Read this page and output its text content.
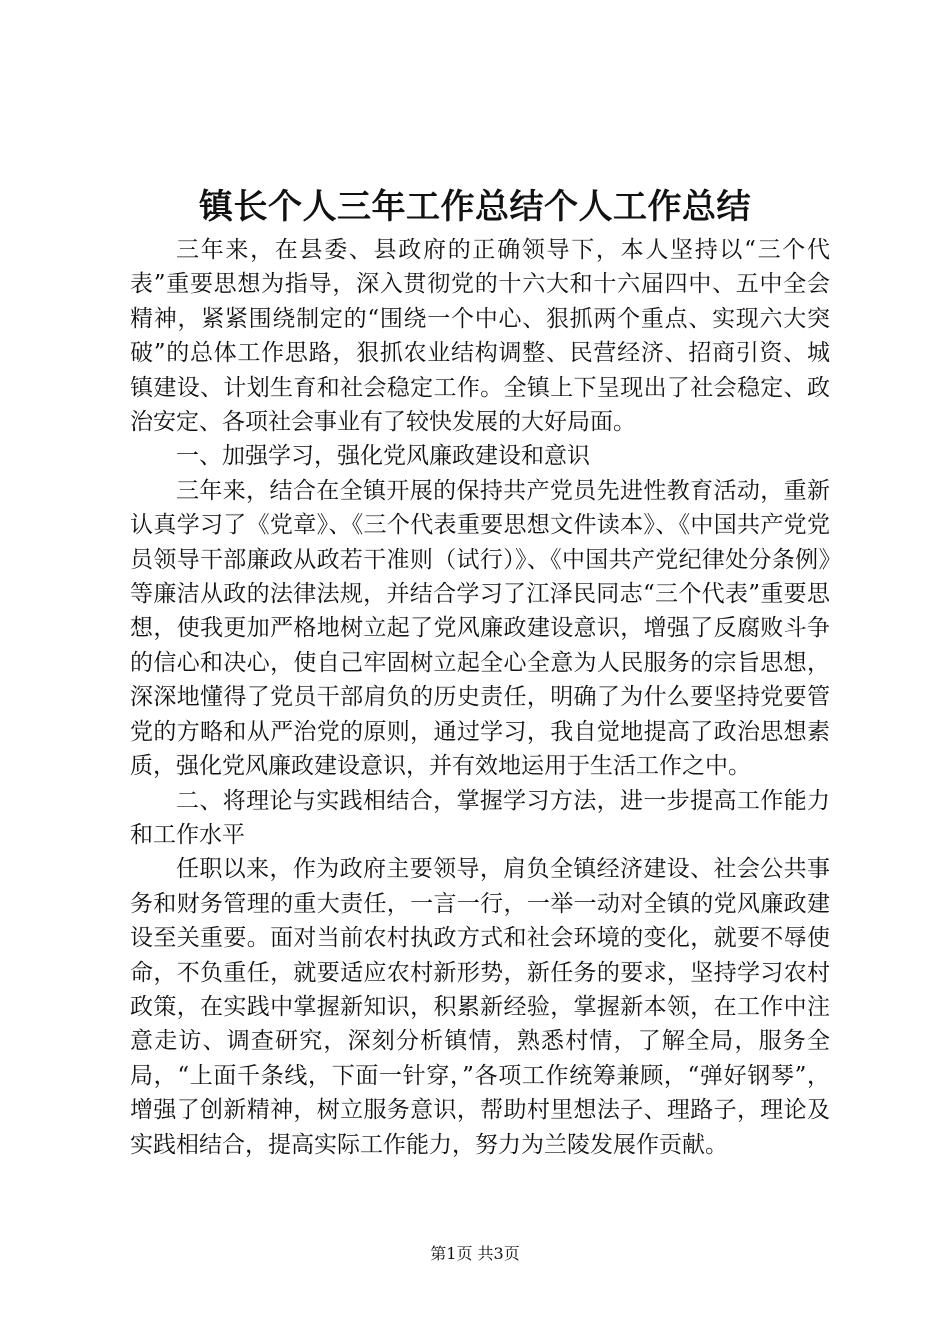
镇长个人三年工作总结个人工作总结

三年来，在县委、县政府的正确领导下，本人坚持以“三个代表”重要思想为指导，深入贯彻党的十六大和十六届四中、五中全会精神，紧紧围绕制定的“围绕一个中心、狠抓两个重点、实现六大突破”的总体工作思路，狠抓农业结构调整、民营经济、招商引资、城镇建设、计划生育和社会稳定工作。全镇上下呈现出了社会稳定、政治安定、各项社会事业有了较快发展的大好局面。

一、加强学习，强化党风廉政建设和意识

三年来，结合在全镇开展的保持共产党员先进性教育活动，重新认真学习了《党章》、《三个代表重要思想文件读本》、《中国共产党党员领导干部廉政从政若干准则（试行）》、《中国共产党纪律处分条例》等廉洁从政的法律法规，并结合学习了江泽民同志“三个代表”重要思想，使我更加严格地树立起了党风廉政建设意识，增强了反腐败斗争的信心和决心，使自己牢固树立起全心全意为人民服务的宗旨思想，深深地懂得了党员干部肩负的历史责任，明确了为什么要坚持党要管党的方略和从严治党的原则，通过学习，我自觉地提高了政治思想素质，强化党风廉政建设意识，并有效地运用于生活工作之中。

二、将理论与实践相结合，掌握学习方法，进一步提高工作能力和工作水平

任职以来，作为政府主要领导，肩负全镇经济建设、社会公共事务和财务管理的重大责任，一言一行，一举一动对全镇的党风廉政建设至关重要。面对当前农村执政方式和社会环境的变化，就要不辱使命，不负重任，就要适应农村新形势，新任务的要求，坚持学习农村政策，在实践中掌握新知识，积累新经验，掌握新本领，在工作中注意走访、调查研究，深刻分析镇情，熟悉村情，了解全局，服务全局，“上面千条线，下面一针穿，”各项工作统筹兼顾，“弹好钢琴”，增强了创新精神，树立服务意识，帮助村里想法子、理路子，理论及实践相结合，提高实际工作能力，努力为兰陵发展作贡献。

第1页 共3页
